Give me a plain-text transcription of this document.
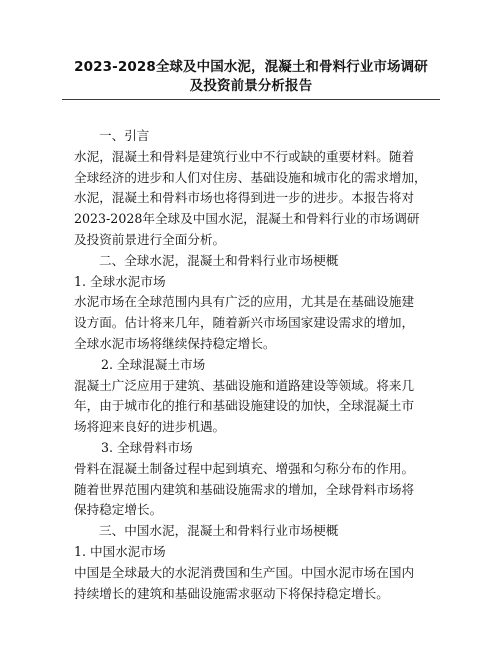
2023-2028全球及中国水泥，混凝土和骨料行业市场调研
及投资前景分析报告
一、引言
水泥，混凝土和骨料是建筑行业中不行或缺的重要材料。随着
全球经济的进步和人们对住房、基础设施和城市化的需求增加，
水泥，混凝土和骨料市场也将得到进一步的进步。本报告将对
2023-2028年全球及中国水泥，混凝土和骨料行业的市场调研
及投资前景进行全面分析。
二、全球水泥，混凝土和骨料行业市场梗概
1. 全球水泥市场
水泥市场在全球范围内具有广泛的应用，尤其是在基础设施建
设方面。估计将来几年，随着新兴市场国家建设需求的增加，
全球水泥市场将继续保持稳定增长。
2. 全球混凝土市场
混凝土广泛应用于建筑、基础设施和道路建设等领域。将来几
年，由于城市化的推行和基础设施建设的加快，全球混凝土市
场将迎来良好的进步机遇。
3. 全球骨料市场
骨料在混凝土制备过程中起到填充、增强和匀称分布的作用。
随着世界范围内建筑和基础设施需求的增加，全球骨料市场将
保持稳定增长。
三、中国水泥，混凝土和骨料行业市场梗概
1. 中国水泥市场
中国是全球最大的水泥消费国和生产国。中国水泥市场在国内
持续增长的建筑和基础设施需求驱动下将保持稳定增长。
